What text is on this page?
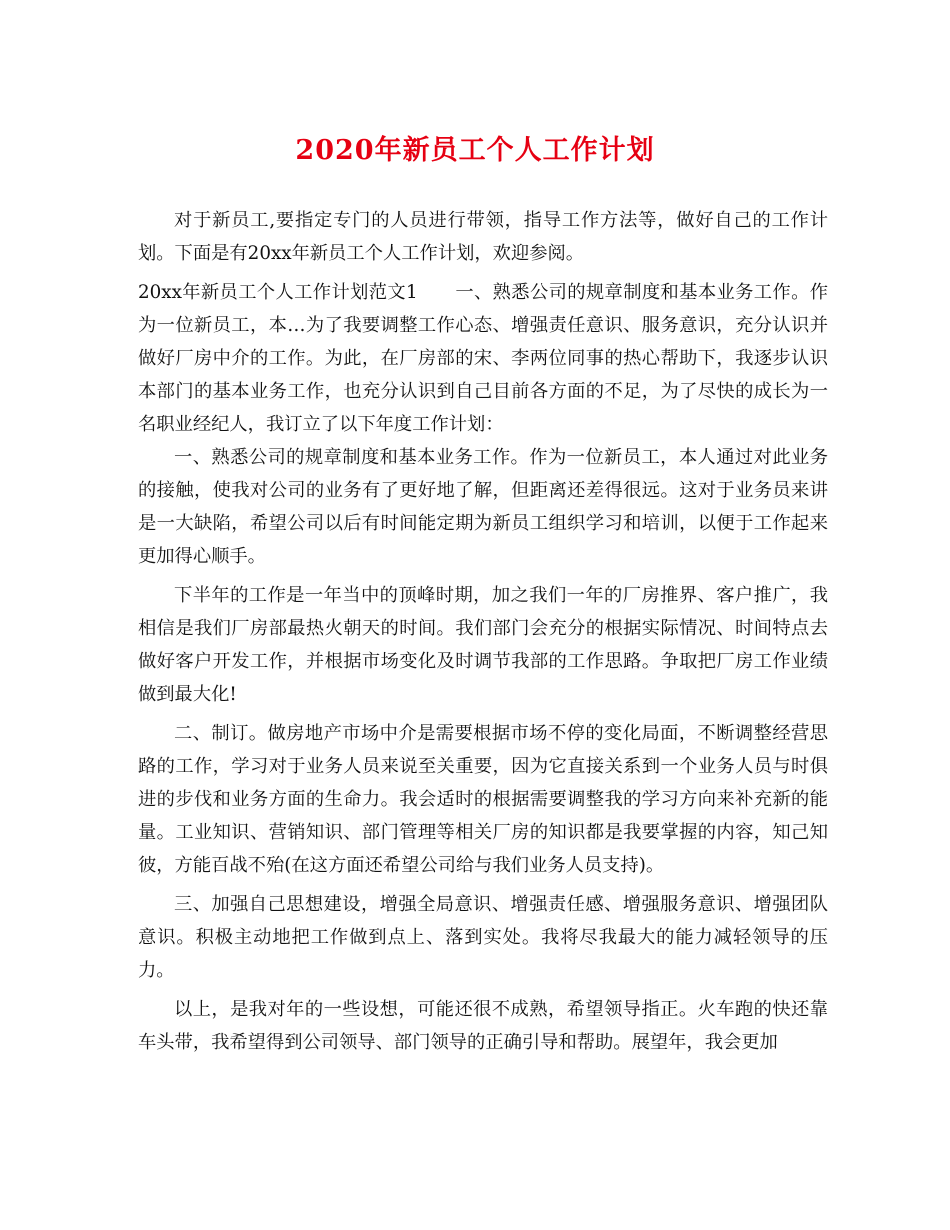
2020年新员工个人工作计划

对于新员工,要指定专门的人员进行带领，指导工作方法等，做好自己的工作计划。下面是有20xx年新员工个人工作计划，欢迎参阅。

20xx年新员工个人工作计划范文1　　一、熟悉公司的规章制度和基本业务工作。作为一位新员工，本…为了我要调整工作心态、增强责任意识、服务意识，充分认识并做好厂房中介的工作。为此，在厂房部的宋、李两位同事的热心帮助下，我逐步认识本部门的基本业务工作，也充分认识到自己目前各方面的不足，为了尽快的成长为一名职业经纪人，我订立了以下年度工作计划：

一、熟悉公司的规章制度和基本业务工作。作为一位新员工，本人通过对此业务的接触，使我对公司的业务有了更好地了解，但距离还差得很远。这对于业务员来讲是一大缺陷，希望公司以后有时间能定期为新员工组织学习和培训，以便于工作起来更加得心顺手。

下半年的工作是一年当中的顶峰时期，加之我们一年的厂房推界、客户推广，我相信是我们厂房部最热火朝天的时间。我们部门会充分的根据实际情况、时间特点去做好客户开发工作，并根据市场变化及时调节我部的工作思路。争取把厂房工作业绩做到最大化!

二、制订。做房地产市场中介是需要根据市场不停的变化局面，不断调整经营思路的工作，学习对于业务人员来说至关重要，因为它直接关系到一个业务人员与时俱进的步伐和业务方面的生命力。我会适时的根据需要调整我的学习方向来补充新的能量。工业知识、营销知识、部门管理等相关厂房的知识都是我要掌握的内容，知己知彼，方能百战不殆(在这方面还希望公司给与我们业务人员支持)。

三、加强自己思想建设，增强全局意识、增强责任感、增强服务意识、增强团队意识。积极主动地把工作做到点上、落到实处。我将尽我最大的能力减轻领导的压力。

以上，是我对年的一些设想，可能还很不成熟，希望领导指正。火车跑的快还靠车头带，我希望得到公司领导、部门领导的正确引导和帮助。展望年，我会更加
